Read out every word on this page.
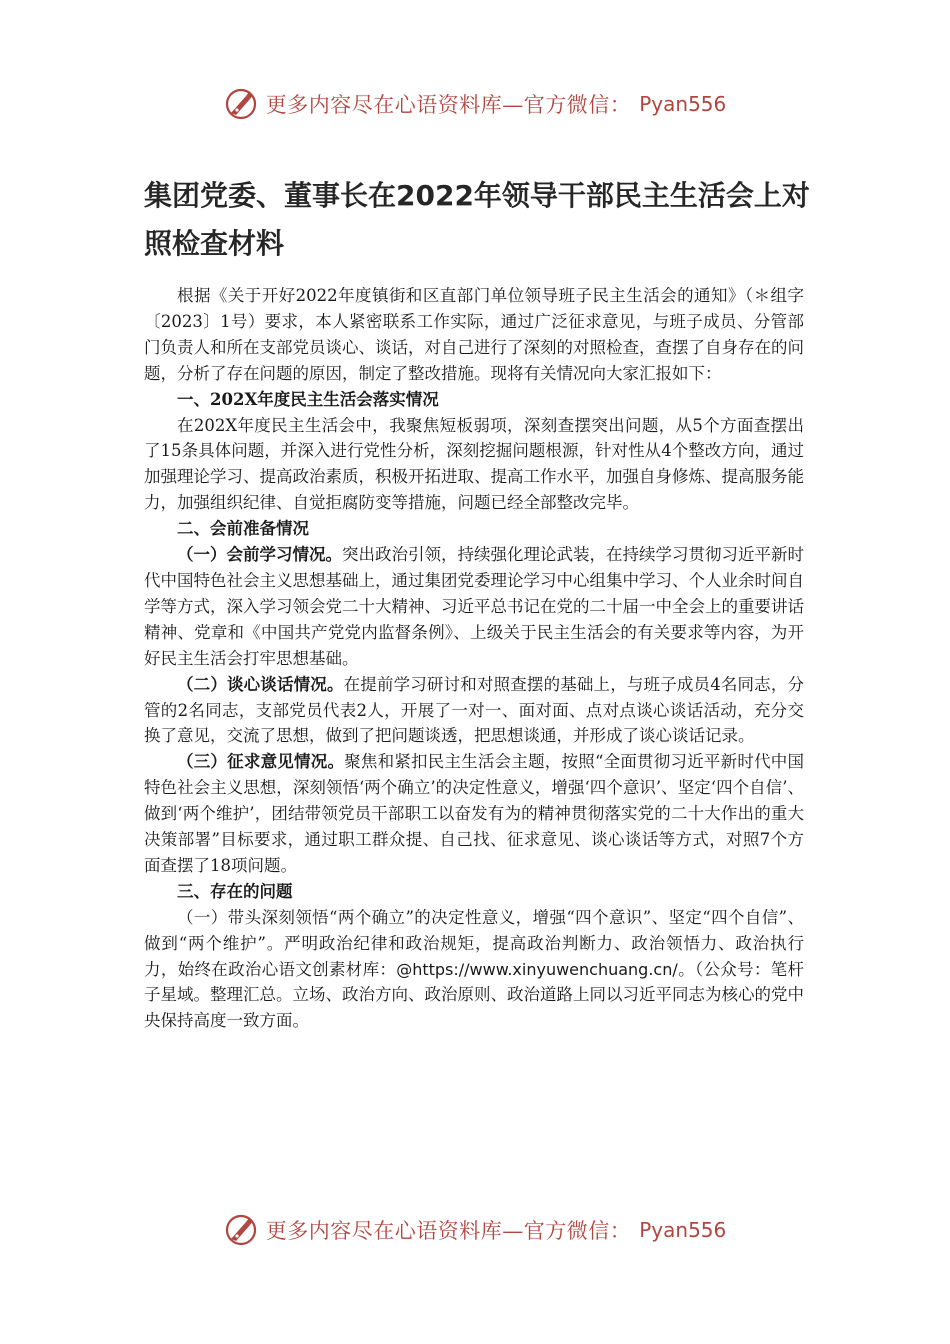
更多内容尽在心语资料库—官方微信： Pyan556
集团党委、董事长在2022年领导干部民主生活会上对照检查材料

根据《关于开好2022年度镇街和区直部门单位领导班子民主生活会的通知》（＊组字〔2023〕1号）要求，本人紧密联系工作实际，通过广泛征求意见，与班子成员、分管部门负责人和所在支部党员谈心、谈话，对自己进行了深刻的对照检查，查摆了自身存在的问题，分析了存在问题的原因，制定了整改措施。现将有关情况向大家汇报如下：

一、202X年度民主生活会落实情况

在202X年度民主生活会中，我聚焦短板弱项，深刻查摆突出问题，从5个方面查摆出了15条具体问题，并深入进行党性分析，深刻挖掘问题根源，针对性从4个整改方向，通过加强理论学习、提高政治素质，积极开拓进取、提高工作水平，加强自身修炼、提高服务能力，加强组织纪律、自觉拒腐防变等措施，问题已经全部整改完毕。

二、会前准备情况

（一）会前学习情况。突出政治引领，持续强化理论武装，在持续学习贯彻习近平新时代中国特色社会主义思想基础上，通过集团党委理论学习中心组集中学习、个人业余时间自学等方式，深入学习领会党二十大精神、习近平总书记在党的二十届一中全会上的重要讲话精神、党章和《中国共产党党内监督条例》、上级关于民主生活会的有关要求等内容，为开好民主生活会打牢思想基础。

（二）谈心谈话情况。在提前学习研讨和对照查摆的基础上，与班子成员4名同志，分管的2名同志，支部党员代表2人，开展了一对一、面对面、点对点谈心谈话活动，充分交换了意见，交流了思想，做到了把问题谈透，把思想谈通，并形成了谈心谈话记录。

（三）征求意见情况。聚焦和紧扣民主生活会主题，按照“全面贯彻习近平新时代中国特色社会主义思想，深刻领悟‘两个确立’的决定性意义，增强‘四个意识’、坚定‘四个自信’、做到‘两个维护’，团结带领党员干部职工以奋发有为的精神贯彻落实党的二十大作出的重大决策部署”目标要求，通过职工群众提、自己找、征求意见、谈心谈话等方式，对照7个方面查摆了18项问题。

三、存在的问题

（一）带头深刻领悟“两个确立”的决定性意义，增强“四个意识”、坚定“四个自信”、做到“两个维护”。严明政治纪律和政治规矩，提高政治判断力、政治领悟力、政治执行力，始终在政治心语文创素材库：@https://www.xinyuwenchuang.cn/。（公众号：笔杆子星域。整理汇总。立场、政治方向、政治原则、政治道路上同以习近平同志为核心的党中央保持高度一致方面。

更多内容尽在心语资料库—官方微信： Pyan556
